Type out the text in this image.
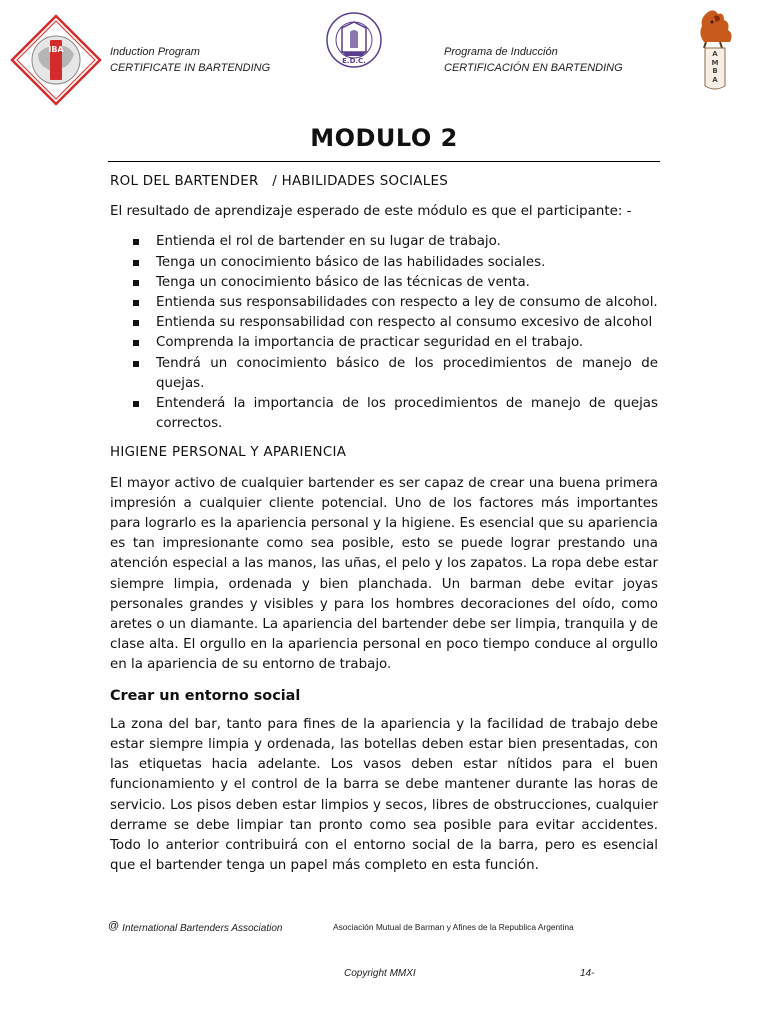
IBA	Induction Program
CERTIFICATE IN BARTENDING
E.D.C.
Programa de Inducción
CERTIFICACIÓN EN BARTENDING
A
M
B
A
MODULO 2
ROL DEL BARTENDER   / HABILIDADES SOCIALES
El resultado de aprendizaje esperado de este módulo es que el participante: -
Entienda el rol de bartender en su lugar de trabajo.
Tenga un conocimiento básico de las habilidades sociales.
Tenga un conocimiento básico de las técnicas de venta.
Entienda sus responsabilidades con respecto a ley de consumo de alcohol.
Entienda su responsabilidad con respecto al consumo excesivo de alcohol
Comprenda la importancia de practicar seguridad en el trabajo.
Tendrá un conocimiento básico de los procedimientos de manejo de quejas.
Entenderá la importancia de los procedimientos de manejo de quejas correctos.
HIGIENE PERSONAL Y APARIENCIA
El mayor activo de cualquier bartender es ser capaz de crear una buena primera impresión a cualquier cliente potencial. Uno de los factores más importantes para lograrlo es la apariencia personal y la higiene. Es esencial que su apariencia es tan impresionante como sea posible, esto se puede lograr prestando una atención especial a las manos, las uñas, el pelo y los zapatos. La ropa debe estar siempre limpia, ordenada y bien planchada. Un barman debe evitar joyas personales grandes y visibles y para los hombres decoraciones del oído, como aretes o un diamante. La apariencia del bartender debe ser limpia, tranquila y de clase alta. El orgullo en la apariencia personal en poco tiempo conduce al orgullo en la apariencia de su entorno de trabajo.
Crear un entorno social
La zona del bar, tanto para fines de la apariencia y la facilidad de trabajo debe estar siempre limpia y ordenada, las botellas deben estar bien presentadas, con las etiquetas hacia adelante. Los vasos deben estar nítidos para el buen funcionamiento y el control de la barra se debe mantener durante las horas de servicio. Los pisos deben estar limpios y secos, libres de obstrucciones, cualquier derrame se debe limpiar tan pronto como sea posible para evitar accidentes. Todo lo anterior contribuirá con el entorno social de la barra, pero es esencial que el bartender tenga un papel más completo en esta función.
@ International Bartenders Association	Asociación Mutual de Barman y Afines de la Republica Argentina
Copyright MMXI	14-
